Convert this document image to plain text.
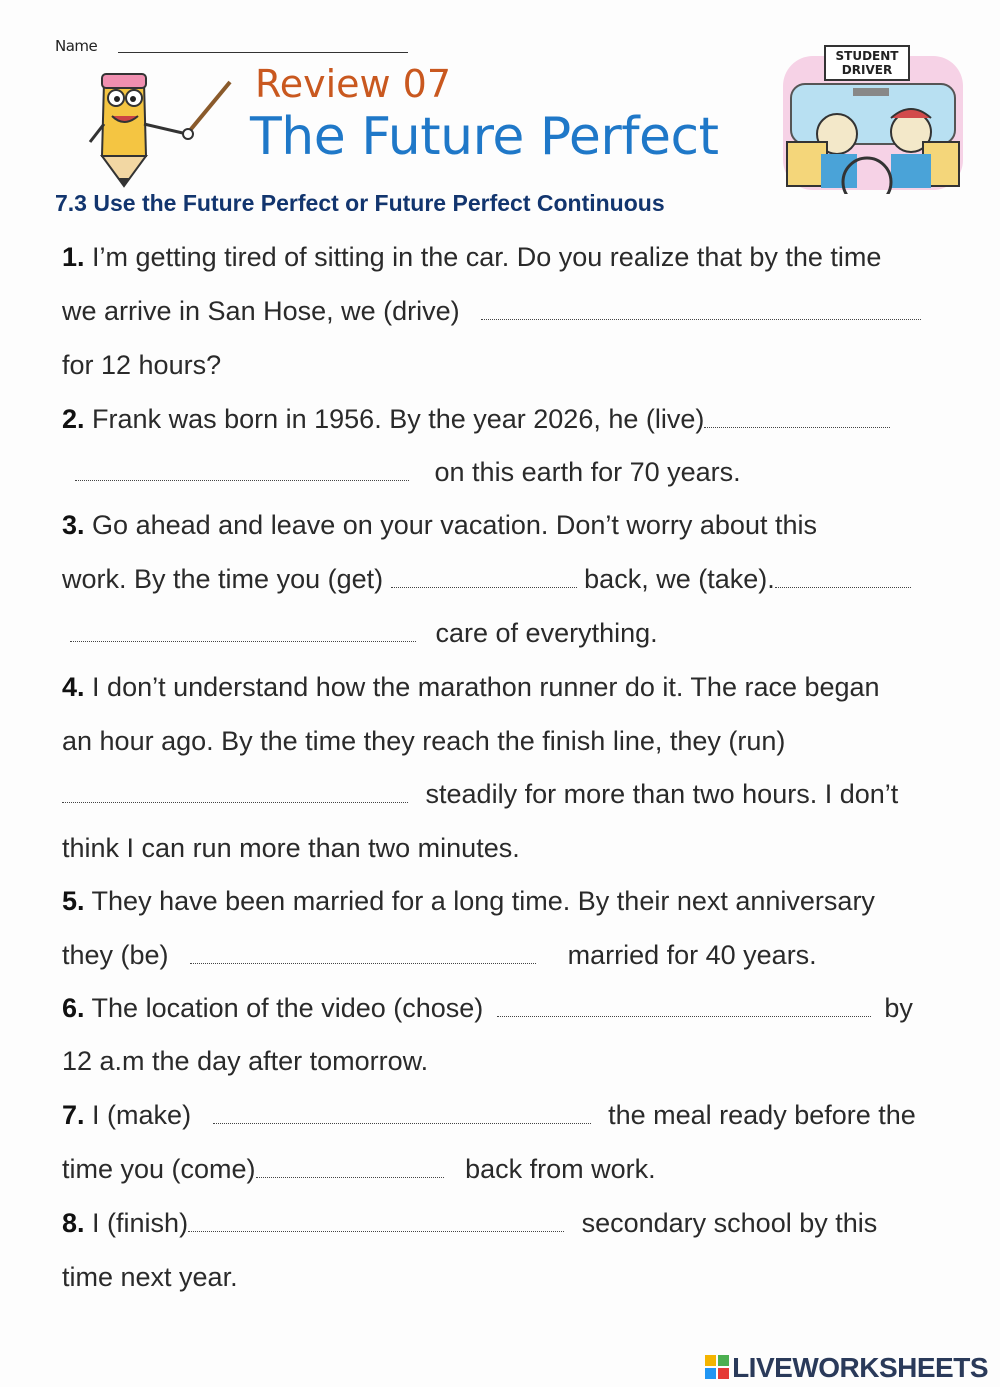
Name
Review 07
The Future Perfect
STUDENT
DRIVER
7.3 Use the Future Perfect or Future Perfect Continuous
1. I’m getting tired of sitting in the car. Do you realize that by the time
we arrive in San Hose, we (drive)
for 12 hours?
2. Frank was born in 1956. By the year 2026, he (live)
on this earth for 70 years.
3. Go ahead and leave on your vacation. Don’t worry about this
work. By the time you (get)	back, we (take).
care of everything.
4. I don’t understand how the marathon runner do it. The race began
an hour ago. By the time they reach the finish line, they (run)
steadily for more than two hours. I don’t
think I can run more than two minutes.
5. They have been married for a long time. By their next anniversary
they (be)	married for 40 years.
6. The location of the video (chose)	by
12 a.m the day after tomorrow.
7. I (make)	the meal ready before the
time you (come)	back from work.
8. I (finish)	secondary school by this
time next year.
LIVEWORKSHEETS
